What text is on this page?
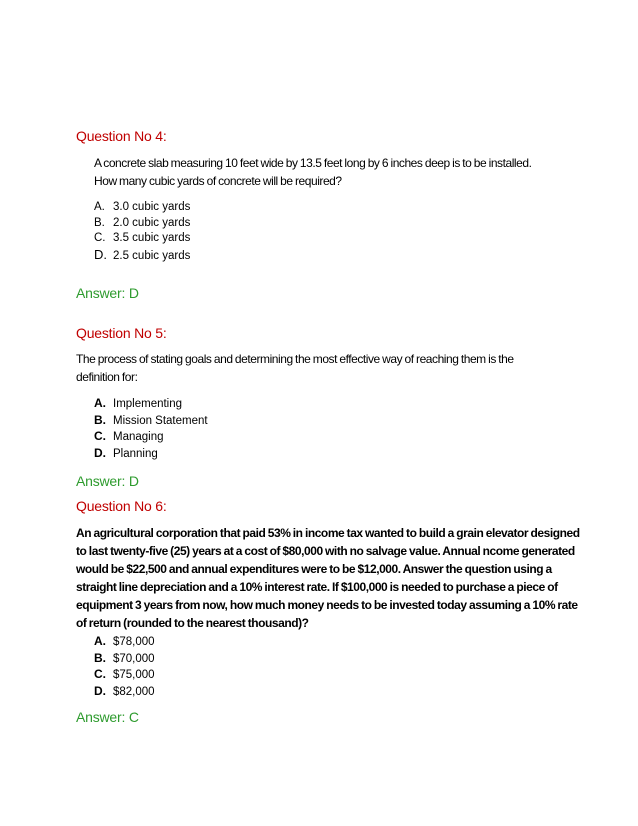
Question No 4:
A concrete slab measuring 10 feet wide by 13.5 feet long by 6 inches deep is to be installed.
How many cubic yards of concrete will be required?
A. 3.0 cubic yards
B. 2.0 cubic yards
C. 3.5 cubic yards
D. 2.5 cubic yards
Answer: D
Question No 5:
The process of stating goals and determining the most effective way of reaching them is the
definition for:
A. Implementing
B. Mission Statement
C. Managing
D. Planning
Answer: D
Question No 6:
An agricultural corporation that paid 53% in income tax wanted to build a grain elevator designed
to last twenty-five (25) years at a cost of $80,000 with no salvage value. Annual ncome generated
would be $22,500 and annual expenditures were to be $12,000. Answer the question using a
straight line depreciation and a 10% interest rate. If $100,000 is needed to purchase a piece of
equipment 3 years from now, how much money needs to be invested today assuming a 10% rate
of return (rounded to the nearest thousand)?
A. $78,000
B. $70,000
C. $75,000
D. $82,000
Answer: C
